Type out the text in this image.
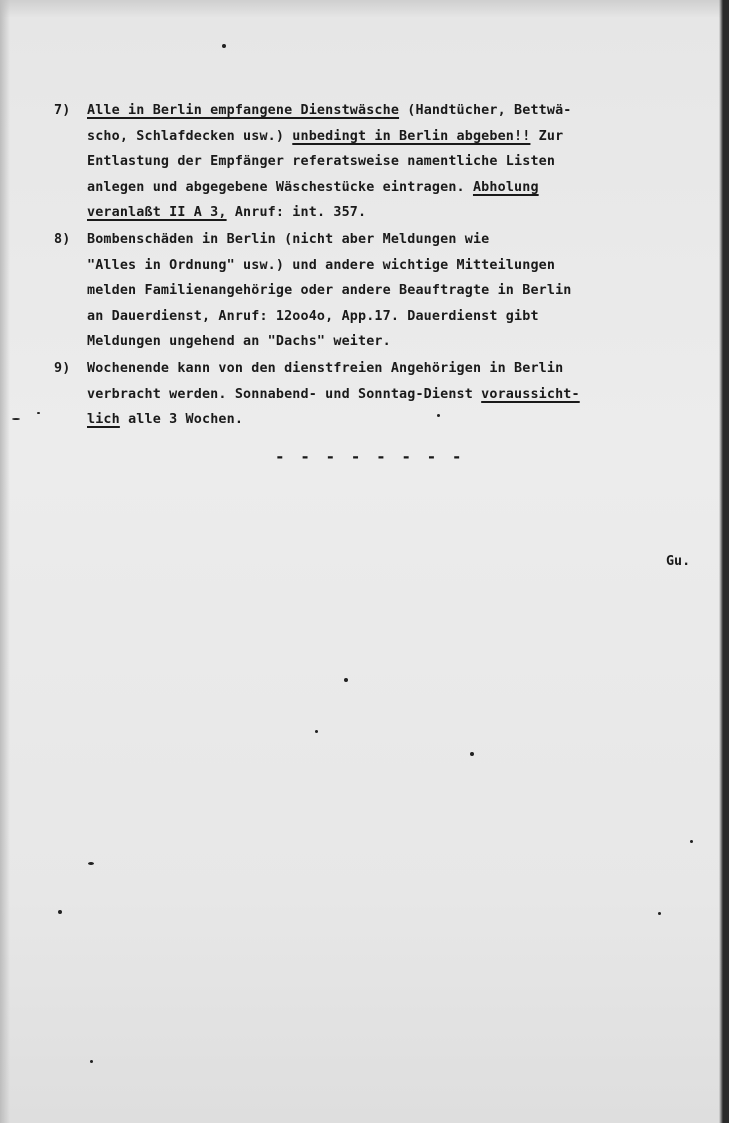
7)	Alle in Berlin empfangene Dienstwäsche (Handtücher, Bettwä-
scho, Schlafdecken usw.) unbedingt in Berlin abgeben!! Zur
Entlastung der Empfänger referatsweise namentliche Listen
anlegen und abgegebene Wäschestücke eintragen. Abholung
veranlaßt II A 3, Anruf: int. 357.
8)	Bombenschäden in Berlin (nicht aber Meldungen wie
"Alles in Ordnung" usw.) und andere wichtige Mitteilungen
melden Familienangehörige oder andere Beauftragte in Berlin
an Dauerdienst, Anruf: 12oo4o, App.17. Dauerdienst gibt
Meldungen ungehend an "Dachs" weiter.
9)	Wochenende kann von den dienstfreien Angehörigen in Berlin
verbracht werden. Sonnabend- und Sonntag-Dienst voraussicht-
lich alle 3 Wochen.
- - - - - - - -
Gu.
